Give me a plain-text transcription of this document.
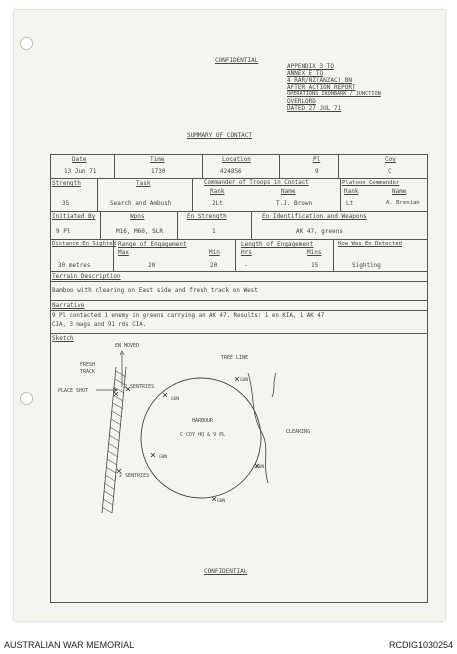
CONFIDENTIAL
APPENDIX 3 TO
ANNEX E TO
4 RAR/NZ(ANZAC) BN
AFTER ACTION REPORT
OPERATIONS IRONBARK / JUNCTION
OVERLORD
DATED 27 JUL 71
SUMMARY OF CONTACT
Date
13 Jun 71
Time
1730
Location
424856
Pl
9
Coy
C
Strength
35
Task
Search and Ambush
Commander of Troops in Contact
Rank
2Lt
Name
T.J. Brown
Platoon Commander
Rank
Lt
Name
A. Brenian
Initiated By
9 Pl
Wpns
M16, M60, SLR
En Strength
1
En Identification and Weapons
AK 47, greens
Distance En Sighted
30 metres
Range of Engagement
Max
20
Min
20
Length of Engagement
Hrs
-
Mins
15
How Was En Detected
Sighting
Terrain Description
Bamboo with clearing on East side and fresh track on West
Narrative
9 Pl contacted 1 enemy in greens carrying an AK 47. Results: 1 en KIA, 1 AK 47
CIA, 3 mags and 91 rds CIA.
Sketch
EN MOVED
FRESH
TRACK
PLACE SHOT
2 SENTRIES
2 SENTRIES
TREE LINE
HARBOUR
C COY HQ & 9 PL	CLEARING
GUN
GUN
GUN
GUN
GUN
CONFIDENTIAL
AUSTRALIAN WAR MEMORIAL	RCDIG1030254
